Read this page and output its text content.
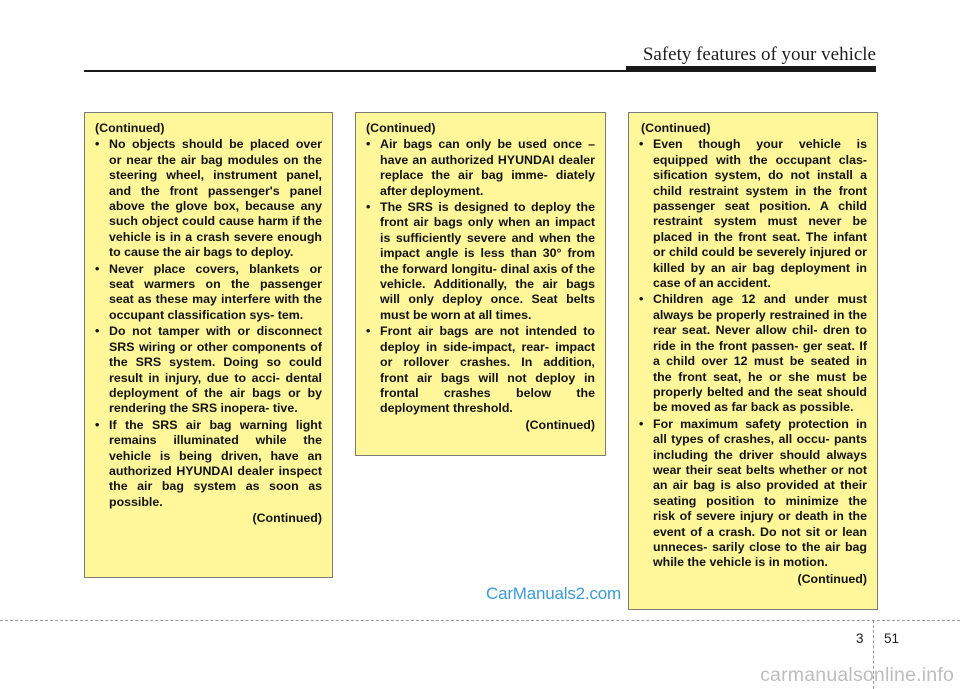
Safety features of your vehicle
(Continued)
• No objects should be placed over or near the air bag modules on the steering wheel, instrument panel, and the front passenger's panel above the glove box, because any such object could cause harm if the vehicle is in a crash severe enough to cause the air bags to deploy.
• Never place covers, blankets or seat warmers on the passenger seat as these may interfere with the occupant classification sys- tem.
• Do not tamper with or disconnect SRS wiring or other components of the SRS system. Doing so could result in injury, due to acci- dental deployment of the air bags or by rendering the SRS inopera- tive.
• If the SRS air bag warning light remains illuminated while the vehicle is being driven, have an authorized HYUNDAI dealer inspect the air bag system as soon as possible.
(Continued)
(Continued)
• Air bags can only be used once – have an authorized HYUNDAI dealer replace the air bag imme- diately after deployment.
• The SRS is designed to deploy the front air bags only when an impact is sufficiently severe and when the impact angle is less than 30° from the forward longitu- dinal axis of the vehicle. Additionally, the air bags will only deploy once. Seat belts must be worn at all times.
• Front air bags are not intended to deploy in side-impact, rear- impact or rollover crashes. In addition, front air bags will not deploy in frontal crashes below the deployment threshold.
(Continued)
(Continued)
• Even though your vehicle is equipped with the occupant clas- sification system, do not install a child restraint system in the front passenger seat position. A child restraint system must never be placed in the front seat. The infant or child could be severely injured or killed by an air bag deployment in case of an accident.
• Children age 12 and under must always be properly restrained in the rear seat. Never allow chil- dren to ride in the front passen- ger seat. If a child over 12 must be seated in the front seat, he or she must be properly belted and the seat should be moved as far back as possible.
• For maximum safety protection in all types of crashes, all occu- pants including the driver should always wear their seat belts whether or not an air bag is also provided at their seating position to minimize the risk of severe injury or death in the event of a crash. Do not sit or lean unneces- sarily close to the air bag while the vehicle is in motion.
(Continued)
CarManuals2.com
3 51
carmanualsonline.info
